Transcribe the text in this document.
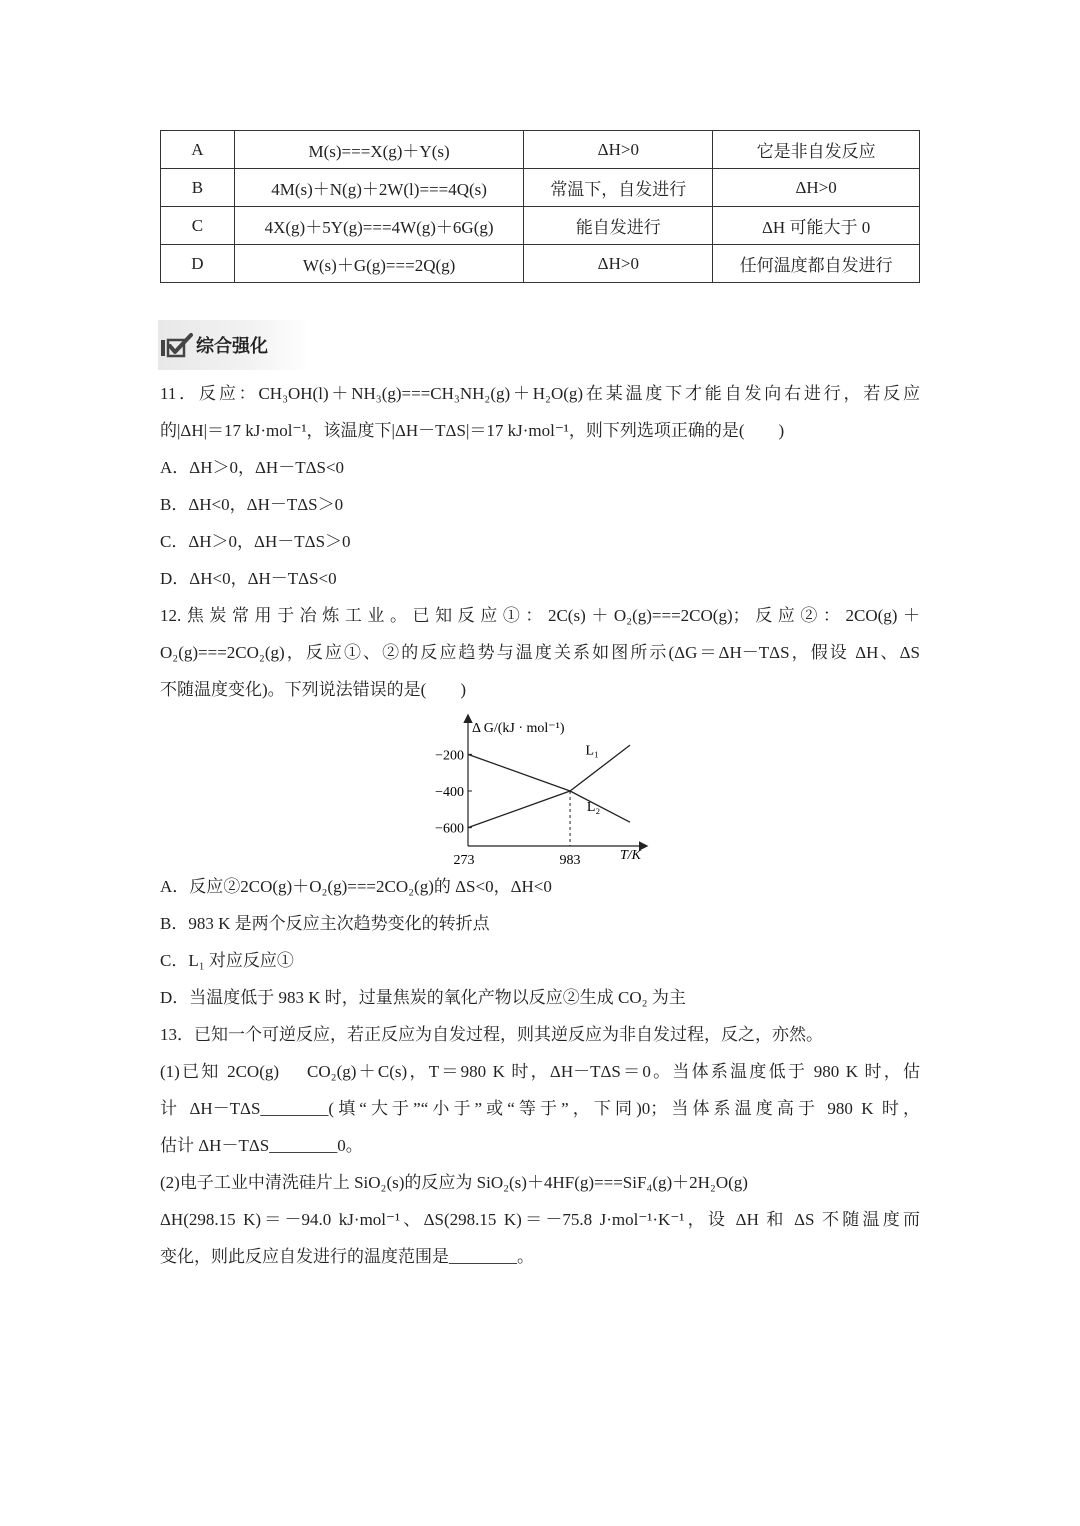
A	M(s)===X(g)＋Y(s)	ΔH>0	它是非自发反应
B	4M(s)＋N(g)＋2W(l)===4Q(s)	常温下，自发进行	ΔH>0
C	4X(g)＋5Y(g)===4W(g)＋6G(g)	能自发进行	ΔH 可能大于 0
D	W(s)＋G(g)===2Q(g)	ΔH>0	任何温度都自发进行
综合强化
11．反应：CH₃OH(l)＋NH₃(g)===CH₃NH₂(g)＋H₂O(g)在某温度下才能自发向右进行，若反应
的|ΔH|＝17 kJ·mol⁻¹，该温度下|ΔH－TΔS|＝17 kJ·mol⁻¹，则下列选项正确的是(　　)
A．ΔH＞0，ΔH－TΔS<0
B．ΔH<0，ΔH－TΔS＞0
C．ΔH＞0，ΔH－TΔS＞0
D．ΔH<0，ΔH－TΔS<0
12.焦炭常用于冶炼工业。已知反应①：2C(s)＋O₂(g)===2CO(g)；反应②：2CO(g)＋
O₂(g)===2CO₂(g)，反应①、②的反应趋势与温度关系如图所示(ΔG＝ΔH－TΔS，假设 ΔH、ΔS
不随温度变化)。下列说法错误的是(　　)
Δ G/(kJ · mol⁻¹)
T/K
−200
−400
−600
273	983
L₁
L₂
A．反应②2CO(g)＋O₂(g)===2CO₂(g)的 ΔS<0，ΔH<0
B．983 K 是两个反应主次趋势变化的转折点
C．L₁ 对应反应①
D．当温度低于 983 K 时，过量焦炭的氧化产物以反应②生成 CO₂ 为主
13．已知一个可逆反应，若正反应为自发过程，则其逆反应为非自发过程，反之，亦然。
(1)已知 2CO(g)　 CO₂(g)＋C(s)，T＝980 K 时，ΔH－TΔS＝0。当体系温度低于 980 K 时，估
计 ΔH－TΔS________(填“大于”“小于”或“等于”，下同)0；当体系温度高于 980 K 时，
估计 ΔH－TΔS________0。
(2)电子工业中清洗硅片上 SiO₂(s)的反应为 SiO₂(s)＋4HF(g)===SiF₄(g)＋2H₂O(g)
ΔH(298.15 K)＝－94.0 kJ·mol⁻¹、ΔS(298.15 K)＝－75.8 J·mol⁻¹·K⁻¹，设 ΔH 和 ΔS 不随温度而
变化，则此反应自发进行的温度范围是________。
